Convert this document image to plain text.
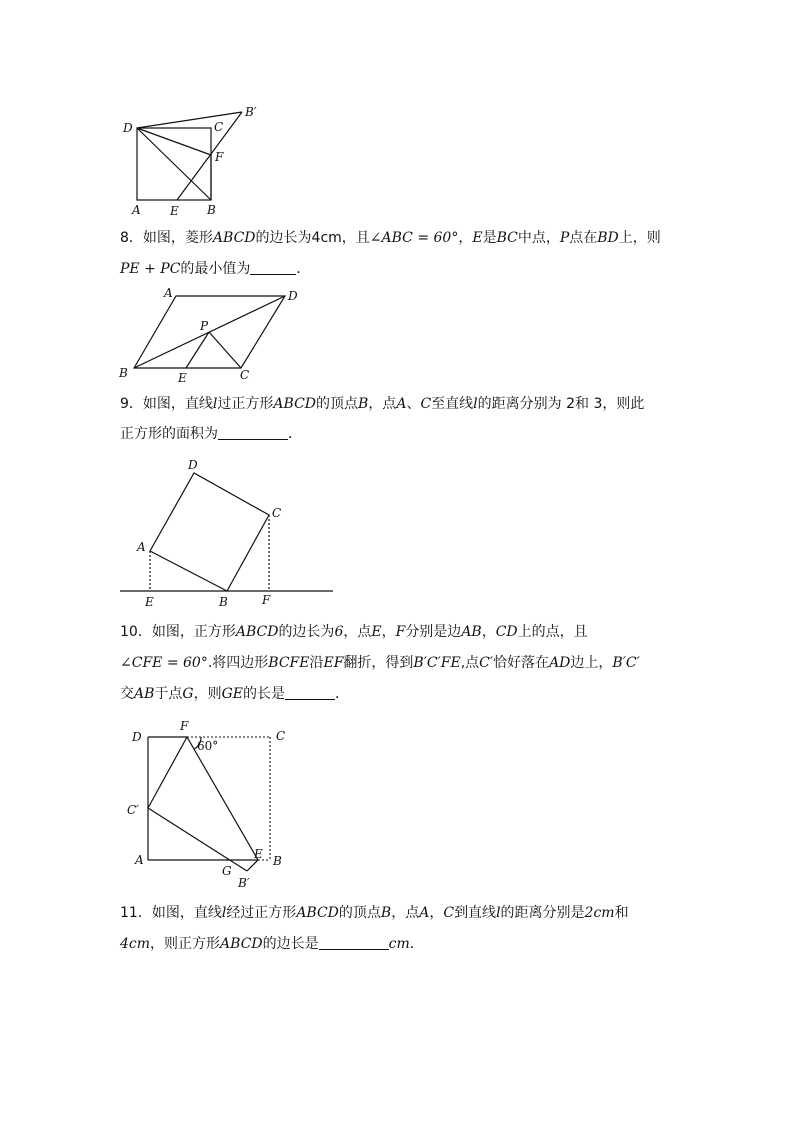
D	C
B′
F
A E B
8．如图，菱形ABCD的边长为4cm，且∠ABC = 60°，E是BC中点，P点在BD上，则
PE + PC的最小值为	．
A	D
P
B	E	C
9．如图，直线l过正方形ABCD的顶点B，点A、C至直线l的距离分别为 2和 3，则此
正方形的面积为	．
D
C
A
E	B	F
10．如图，正方形ABCD的边长为6，点E，F分别是边AB，CD上的点，且
∠CFE = 60°.将四边形BCFE沿EF翻折，得到B′C′FE,点C′恰好落在AD边上，B′C′
交AB于点G，则GE的长是	．
D
F
C
60°
C′
A
G
E B
B′
11．如图，直线l经过正方形ABCD的顶点B，点A，C到直线l的距离分别是2cm和
4cm，则正方形ABCD的边长是	cm．
